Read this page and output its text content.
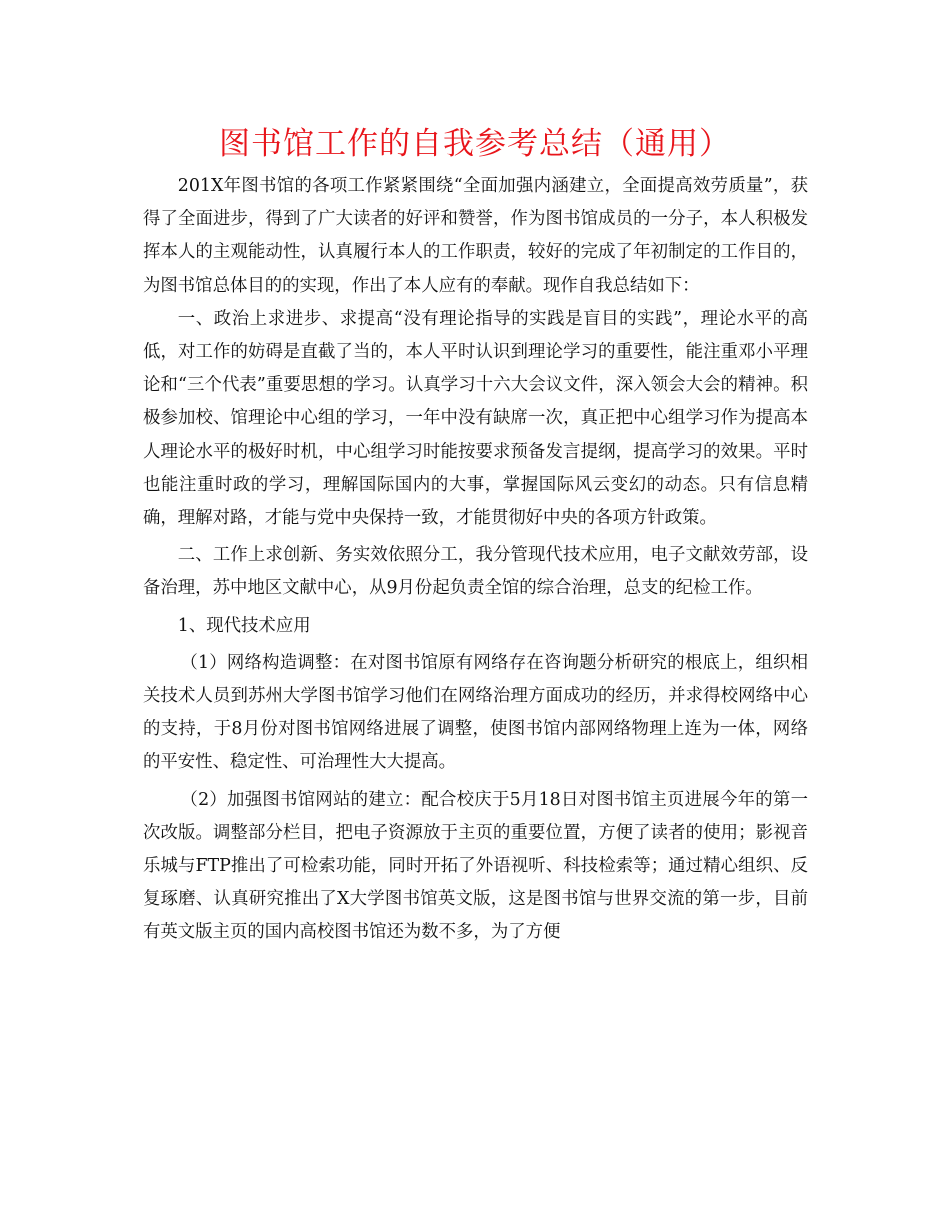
图书馆工作的自我参考总结（通用）

201X年图书馆的各项工作紧紧围绕“全面加强内涵建立，全面提高效劳质量”，获得了全面进步，得到了广大读者的好评和赞誉，作为图书馆成员的一分子，本人积极发挥本人的主观能动性，认真履行本人的工作职责，较好的完成了年初制定的工作目的，为图书馆总体目的的实现，作出了本人应有的奉献。现作自我总结如下：

一、政治上求进步、求提高“没有理论指导的实践是盲目的实践”，理论水平的高低，对工作的妨碍是直截了当的，本人平时认识到理论学习的重要性，能注重邓小平理论和“三个代表”重要思想的学习。认真学习十六大会议文件，深入领会大会的精神。积极参加校、馆理论中心组的学习，一年中没有缺席一次，真正把中心组学习作为提高本人理论水平的极好时机，中心组学习时能按要求预备发言提纲，提高学习的效果。平时也能注重时政的学习，理解国际国内的大事，掌握国际风云变幻的动态。只有信息精确，理解对路，才能与党中央保持一致，才能贯彻好中央的各项方针政策。

二、工作上求创新、务实效依照分工，我分管现代技术应用，电子文献效劳部，设备治理，苏中地区文献中心，从9月份起负责全馆的综合治理，总支的纪检工作。

1、现代技术应用

（1）网络构造调整：在对图书馆原有网络存在咨询题分析研究的根底上，组织相关技术人员到苏州大学图书馆学习他们在网络治理方面成功的经历，并求得校网络中心的支持，于8月份对图书馆网络进展了调整，使图书馆内部网络物理上连为一体，网络的平安性、稳定性、可治理性大大提高。

（2）加强图书馆网站的建立：配合校庆于5月18日对图书馆主页进展今年的第一次改版。调整部分栏目，把电子资源放于主页的重要位置，方便了读者的使用；影视音乐城与FTP推出了可检索功能，同时开拓了外语视听、科技检索等；通过精心组织、反复琢磨、认真研究推出了X大学图书馆英文版，这是图书馆与世界交流的第一步，目前有英文版主页的国内高校图书馆还为数不多，为了方便
